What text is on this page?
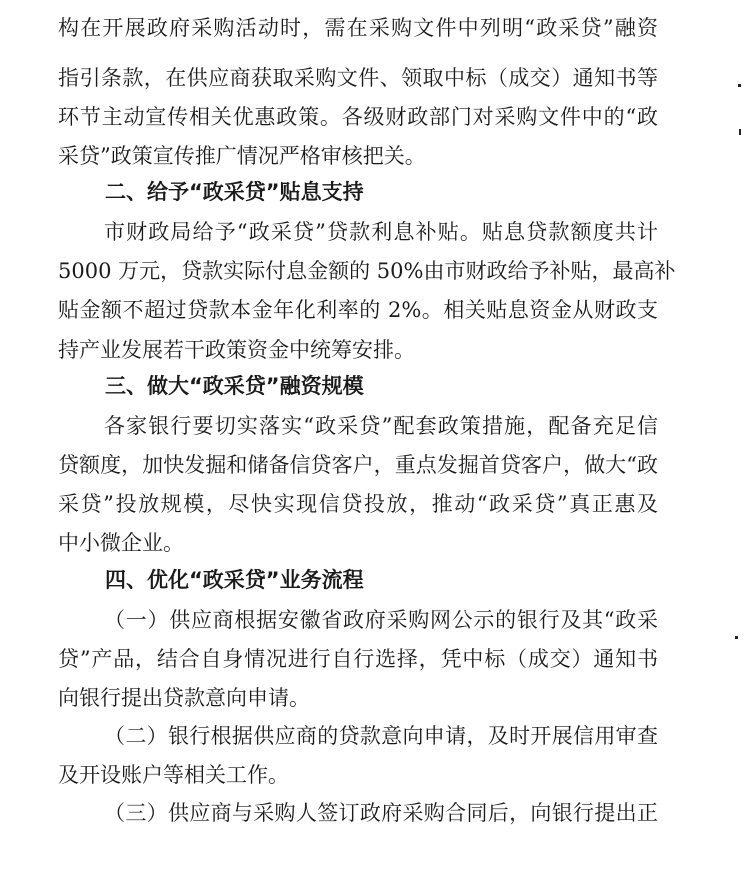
构在开展政府采购活动时，需在采购文件中列明“政采贷”融资
指引条款，在供应商获取采购文件、领取中标（成交）通知书等
环节主动宣传相关优惠政策。各级财政部门对采购文件中的“政
采贷”政策宣传推广情况严格审核把关。
二、给予“政采贷”贴息支持
市财政局给予“政采贷”贷款利息补贴。贴息贷款额度共计
5000 万元，贷款实际付息金额的 50%由市财政给予补贴，最高补
贴金额不超过贷款本金年化利率的 2%。相关贴息资金从财政支
持产业发展若干政策资金中统筹安排。
三、做大“政采贷”融资规模
各家银行要切实落实“政采贷”配套政策措施，配备充足信
贷额度，加快发掘和储备信贷客户，重点发掘首贷客户，做大“政
采贷”投放规模，尽快实现信贷投放，推动“政采贷”真正惠及
中小微企业。
四、优化“政采贷”业务流程
（一）供应商根据安徽省政府采购网公示的银行及其“政采
贷”产品，结合自身情况进行自行选择，凭中标（成交）通知书
向银行提出贷款意向申请。
（二）银行根据供应商的贷款意向申请，及时开展信用审查
及开设账户等相关工作。
（三）供应商与采购人签订政府采购合同后，向银行提出正
